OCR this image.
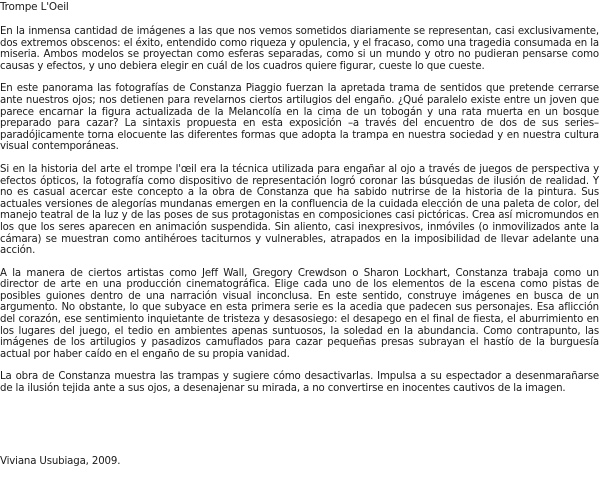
Trompe L'Oeil

En la inmensa cantidad de imágenes a las que nos vemos sometidos diariamente se representan, casi exclusivamente, dos extremos obscenos: el éxito, entendido como riqueza y opulencia, y el fracaso, como una tragedia consumada en la miseria. Ambos modelos se proyectan como esferas separadas, como si un mundo y otro no pudieran pensarse como causas y efectos, y uno debiera elegir en cuál de los cuadros quiere figurar, cueste lo que cueste.

En este panorama las fotografías de Constanza Piaggio fuerzan la apretada trama de sentidos que pretende cerrarse ante nuestros ojos; nos detienen para revelarnos ciertos artilugios del engaño. ¿Qué paralelo existe entre un joven que parece encarnar la figura actualizada de la Melancolía en la cima de un tobogán y una rata muerta en un bosque preparado para cazar? La sintaxis propuesta en esta exposición –a través del encuentro de dos de sus series– paradójicamente torna elocuente las diferentes formas que adopta la trampa en nuestra sociedad y en nuestra cultura visual contemporáneas.

Si en la historia del arte el trompe l'œil era la técnica utilizada para engañar al ojo a través de juegos de perspectiva y efectos ópticos, la fotografía como dispositivo de representación logró coronar las búsquedas de ilusión de realidad. Y no es casual acercar este concepto a la obra de Constanza que ha sabido nutrirse de la historia de la pintura. Sus actuales versiones de alegorías mundanas emergen en la confluencia de la cuidada elección de una paleta de color, del manejo teatral de la luz y de las poses de sus protagonistas en composiciones casi pictóricas. Crea así micromundos en los que los seres aparecen en animación suspendida. Sin aliento, casi inexpresivos, inmóviles (o inmovilizados ante la cámara) se muestran como antihéroes taciturnos y vulnerables, atrapados en la imposibilidad de llevar adelante una acción.

A la manera de ciertos artistas como Jeff Wall, Gregory Crewdson o Sharon Lockhart, Constanza trabaja como un director de arte en una producción cinematográfica. Elige cada uno de los elementos de la escena como pistas de posibles guiones dentro de una narración visual inconclusa. En este sentido, construye imágenes en busca de un argumento. No obstante, lo que subyace en esta primera serie es la acedia que padecen sus personajes. Esa aflicción del corazón, ese sentimiento inquietante de tristeza y desasosiego: el desapego en el final de fiesta, el aburrimiento en los lugares del juego, el tedio en ambientes apenas suntuosos, la soledad en la abundancia. Como contrapunto, las imágenes de los artilugios y pasadizos camuflados para cazar pequeñas presas subrayan el hastío de la burguesía actual por haber caído en el engaño de su propia vanidad.

La obra de Constanza muestra las trampas y sugiere cómo desactivarlas. Impulsa a su espectador a desenmarañarse de la ilusión tejida ante a sus ojos, a desenajenar su mirada, a no convertirse en inocentes cautivos de la imagen.

Viviana Usubiaga, 2009.
